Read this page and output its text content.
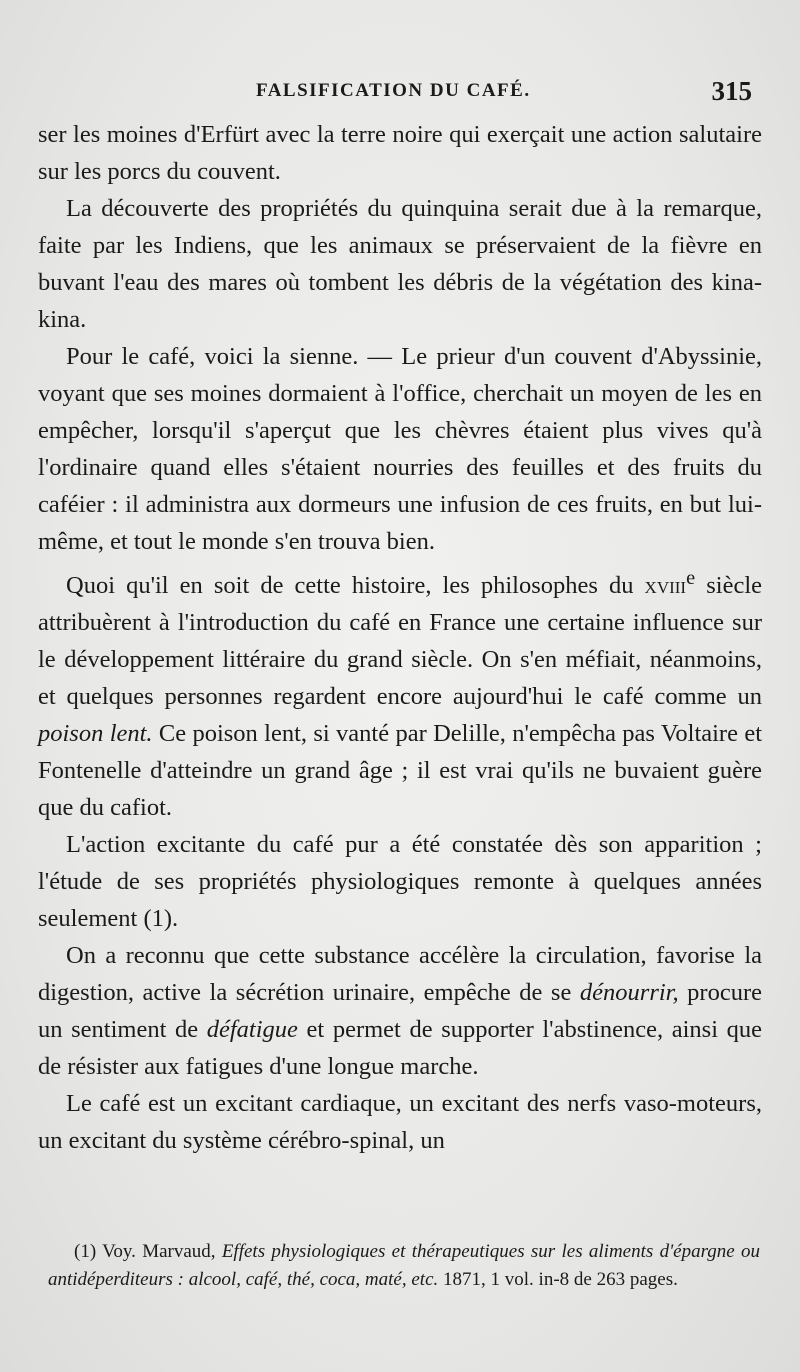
FALSIFICATION DU CAFÉ.	315

ser les moines d'Erfürt avec la terre noire qui exerçait une action salutaire sur les porcs du couvent.

La découverte des propriétés du quinquina serait due à la remarque, faite par les Indiens, que les animaux se préservaient de la fièvre en buvant l'eau des mares où tombent les débris de la végétation des kina-kina.

Pour le café, voici la sienne. — Le prieur d'un couvent d'Abyssinie, voyant que ses moines dormaient à l'office, cherchait un moyen de les en empêcher, lorsqu'il s'aperçut que les chèvres étaient plus vives qu'à l'ordinaire quand elles s'étaient nourries des feuilles et des fruits du caféier : il administra aux dormeurs une infusion de ces fruits, en but lui-même, et tout le monde s'en trouva bien.

Quoi qu'il en soit de cette histoire, les philosophes du xviii$^e$ siècle attribuèrent à l'introduction du café en France une certaine influence sur le développement littéraire du grand siècle. On s'en méfiait, néanmoins, et quelques personnes regardent encore aujourd'hui le café comme un poison lent. Ce poison lent, si vanté par Delille, n'empêcha pas Voltaire et Fontenelle d'atteindre un grand âge ; il est vrai qu'ils ne buvaient guère que du cafiot.

L'action excitante du café pur a été constatée dès son apparition ; l'étude de ses propriétés physiologiques remonte à quelques années seulement (1).

On a reconnu que cette substance accélère la circulation, favorise la digestion, active la sécrétion urinaire, empêche de se dénourrir, procure un sentiment de défatigue et permet de supporter l'abstinence, ainsi que de résister aux fatigues d'une longue marche.

Le café est un excitant cardiaque, un excitant des nerfs vaso-moteurs, un excitant du système cérébro-spinal, un

(1) Voy. Marvaud, Effets physiologiques et thérapeutiques sur les aliments d'épargne ou antidéperditeurs : alcool, café, thé, coca, maté, etc. 1871, 1 vol. in-8 de 263 pages.
